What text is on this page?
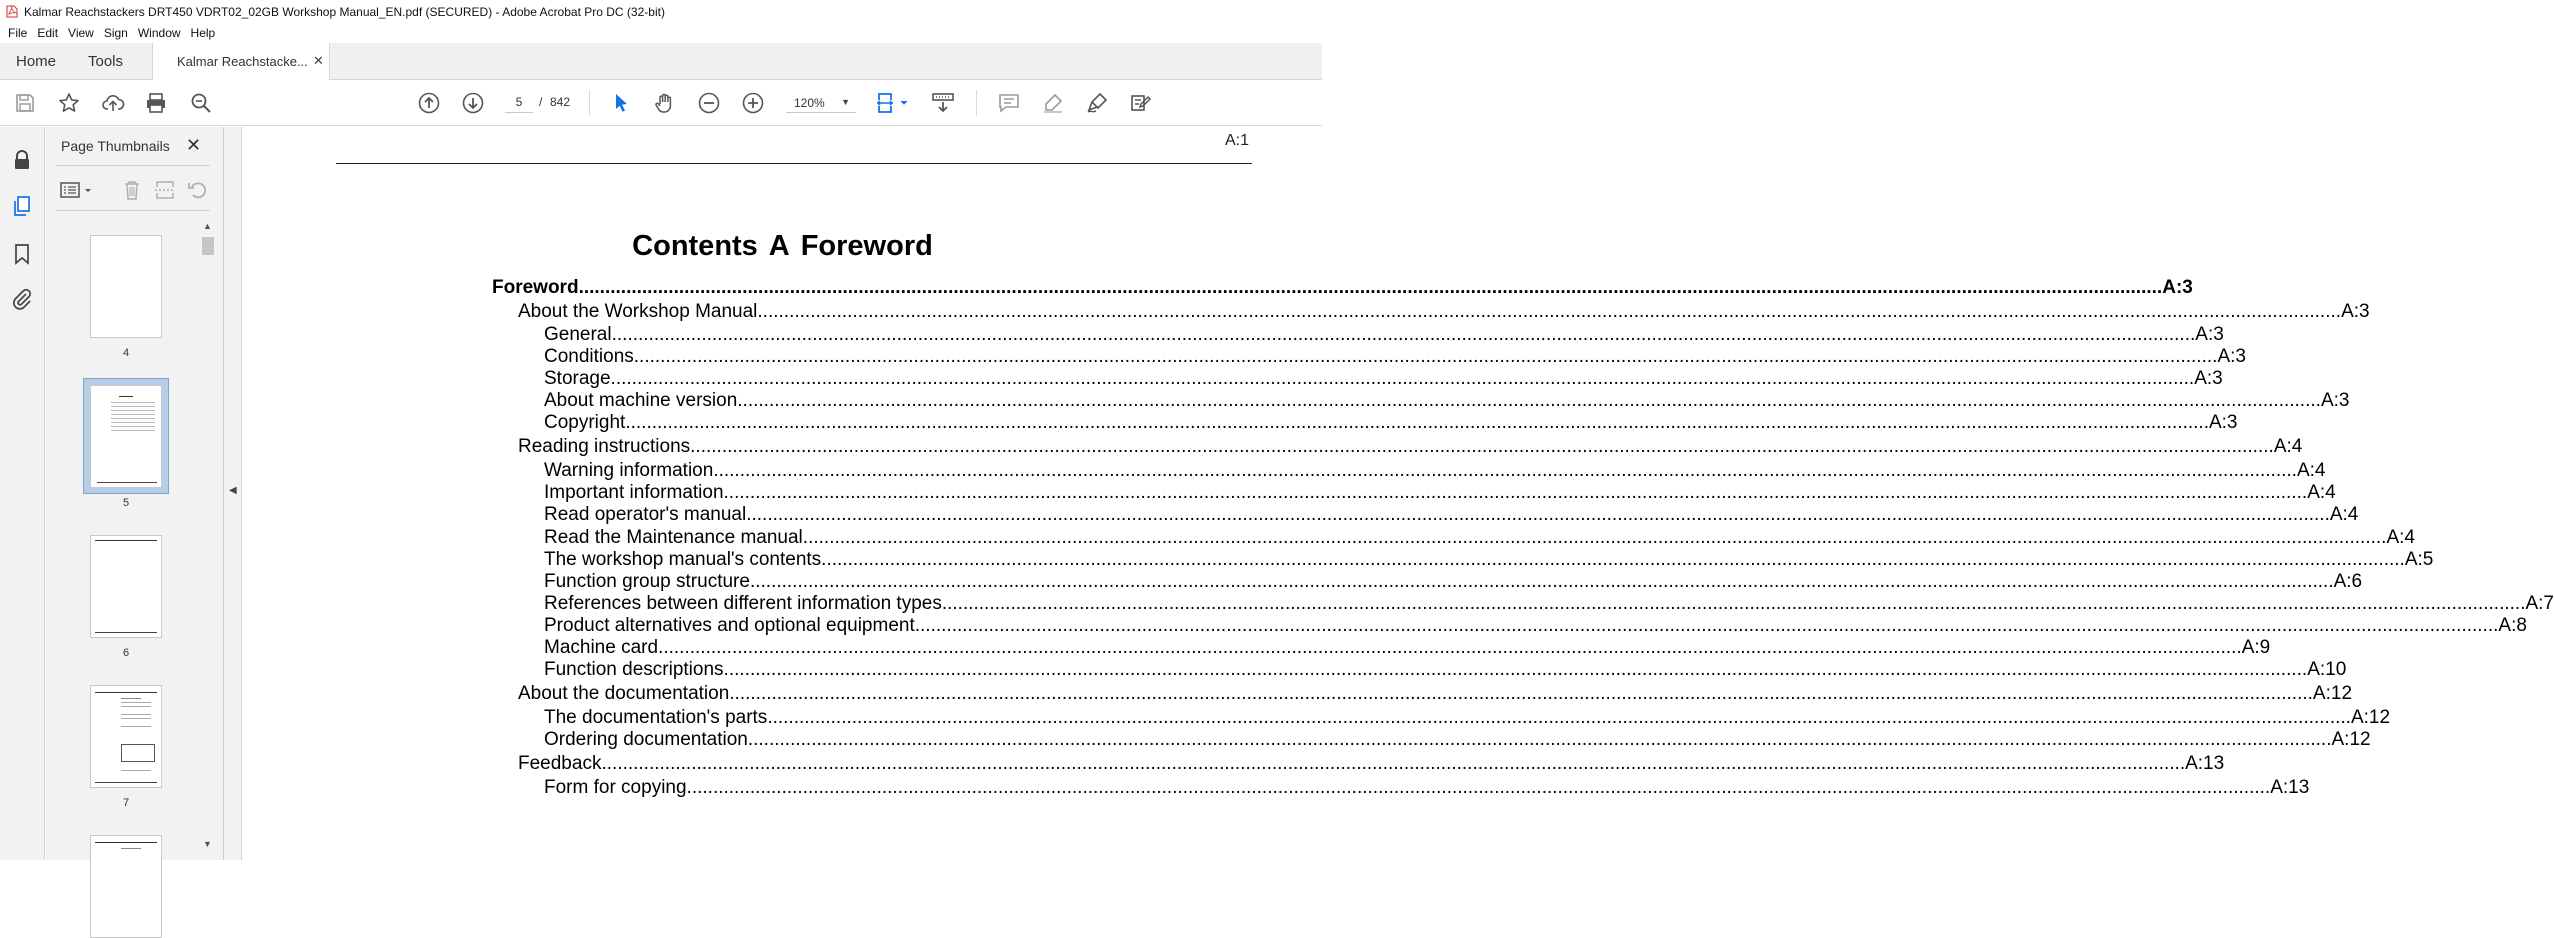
Kalmar Reachstackers DRT450 VDRT02_02GB Workshop Manual_EN.pdf (SECURED) - Adobe Acrobat Pro DC (32-bit)
File Edit View Sign Window Help
Home Tools	Kalmar Reachstacke... ✕
5
/ 842	120% ▼
Page Thumbnails ✕
4
5
6
7
▲
▼
◀
A:1
Contents A Foreword
Foreword ............................................................................................................................................................................................................................................................................................................ A:3
About the Workshop Manual ............................................................................................................................................................................................................................................................................................................ A:3
General ............................................................................................................................................................................................................................................................................................................ A:3
Conditions ............................................................................................................................................................................................................................................................................................................ A:3
Storage ............................................................................................................................................................................................................................................................................................................ A:3
About machine version ............................................................................................................................................................................................................................................................................................................ A:3
Copyright ............................................................................................................................................................................................................................................................................................................ A:3
Reading instructions ............................................................................................................................................................................................................................................................................................................ A:4
Warning information ............................................................................................................................................................................................................................................................................................................ A:4
Important information ............................................................................................................................................................................................................................................................................................................ A:4
Read operator's manual ............................................................................................................................................................................................................................................................................................................ A:4
Read the Maintenance manual ............................................................................................................................................................................................................................................................................................................ A:4
The workshop manual's contents ............................................................................................................................................................................................................................................................................................................ A:5
Function group structure ............................................................................................................................................................................................................................................................................................................ A:6
References between different information types ............................................................................................................................................................................................................................................................................................................ A:7
Product alternatives and optional equipment ............................................................................................................................................................................................................................................................................................................ A:8
Machine card ............................................................................................................................................................................................................................................................................................................ A:9
Function descriptions ............................................................................................................................................................................................................................................................................................................ A:10
About the documentation ............................................................................................................................................................................................................................................................................................................ A:12
The documentation's parts ............................................................................................................................................................................................................................................................................................................ A:12
Ordering documentation ............................................................................................................................................................................................................................................................................................................ A:12
Feedback ............................................................................................................................................................................................................................................................................................................ A:13
Form for copying ............................................................................................................................................................................................................................................................................................................ A:13
